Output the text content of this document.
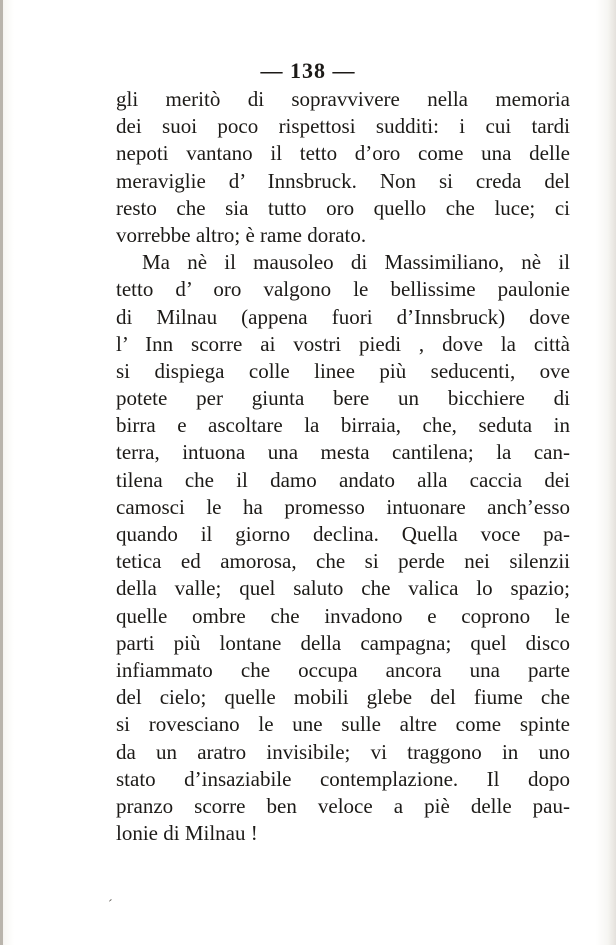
— 138 —
gli meritò di sopravvivere nella memoria
dei suoi poco rispettosi sudditi: i cui tardi
nepoti vantano il tetto d’oro come una delle
meraviglie d’ Innsbruck. Non si creda del
resto che sia tutto oro quello che luce; ci
vorrebbe altro; è rame dorato.
Ma nè il mausoleo di Massimiliano, nè il
tetto d’ oro valgono le bellissime paulonie
di Milnau (appena fuori d’Innsbruck) dove
l’ Inn scorre ai vostri piedi , dove la città
si dispiega colle linee più seducenti, ove
potete per giunta bere un bicchiere di
birra e ascoltare la birraia, che, seduta in
terra, intuona una mesta cantilena; la can-
tilena che il damo andato alla caccia dei
camosci le ha promesso intuonare anch’esso
quando il giorno declina. Quella voce pa-
tetica ed amorosa, che si perde nei silenzii
della valle; quel saluto che valica lo spazio;
quelle ombre che invadono e coprono le
parti più lontane della campagna; quel disco
infiammato che occupa ancora una parte
del cielo; quelle mobili glebe del fiume che
si rovesciano le une sulle altre come spinte
da un aratro invisibile; vi traggono in uno
stato d’insaziabile contemplazione. Il dopo
pranzo scorre ben veloce a piè delle pau-
lonie di Milnau !
ˊ
